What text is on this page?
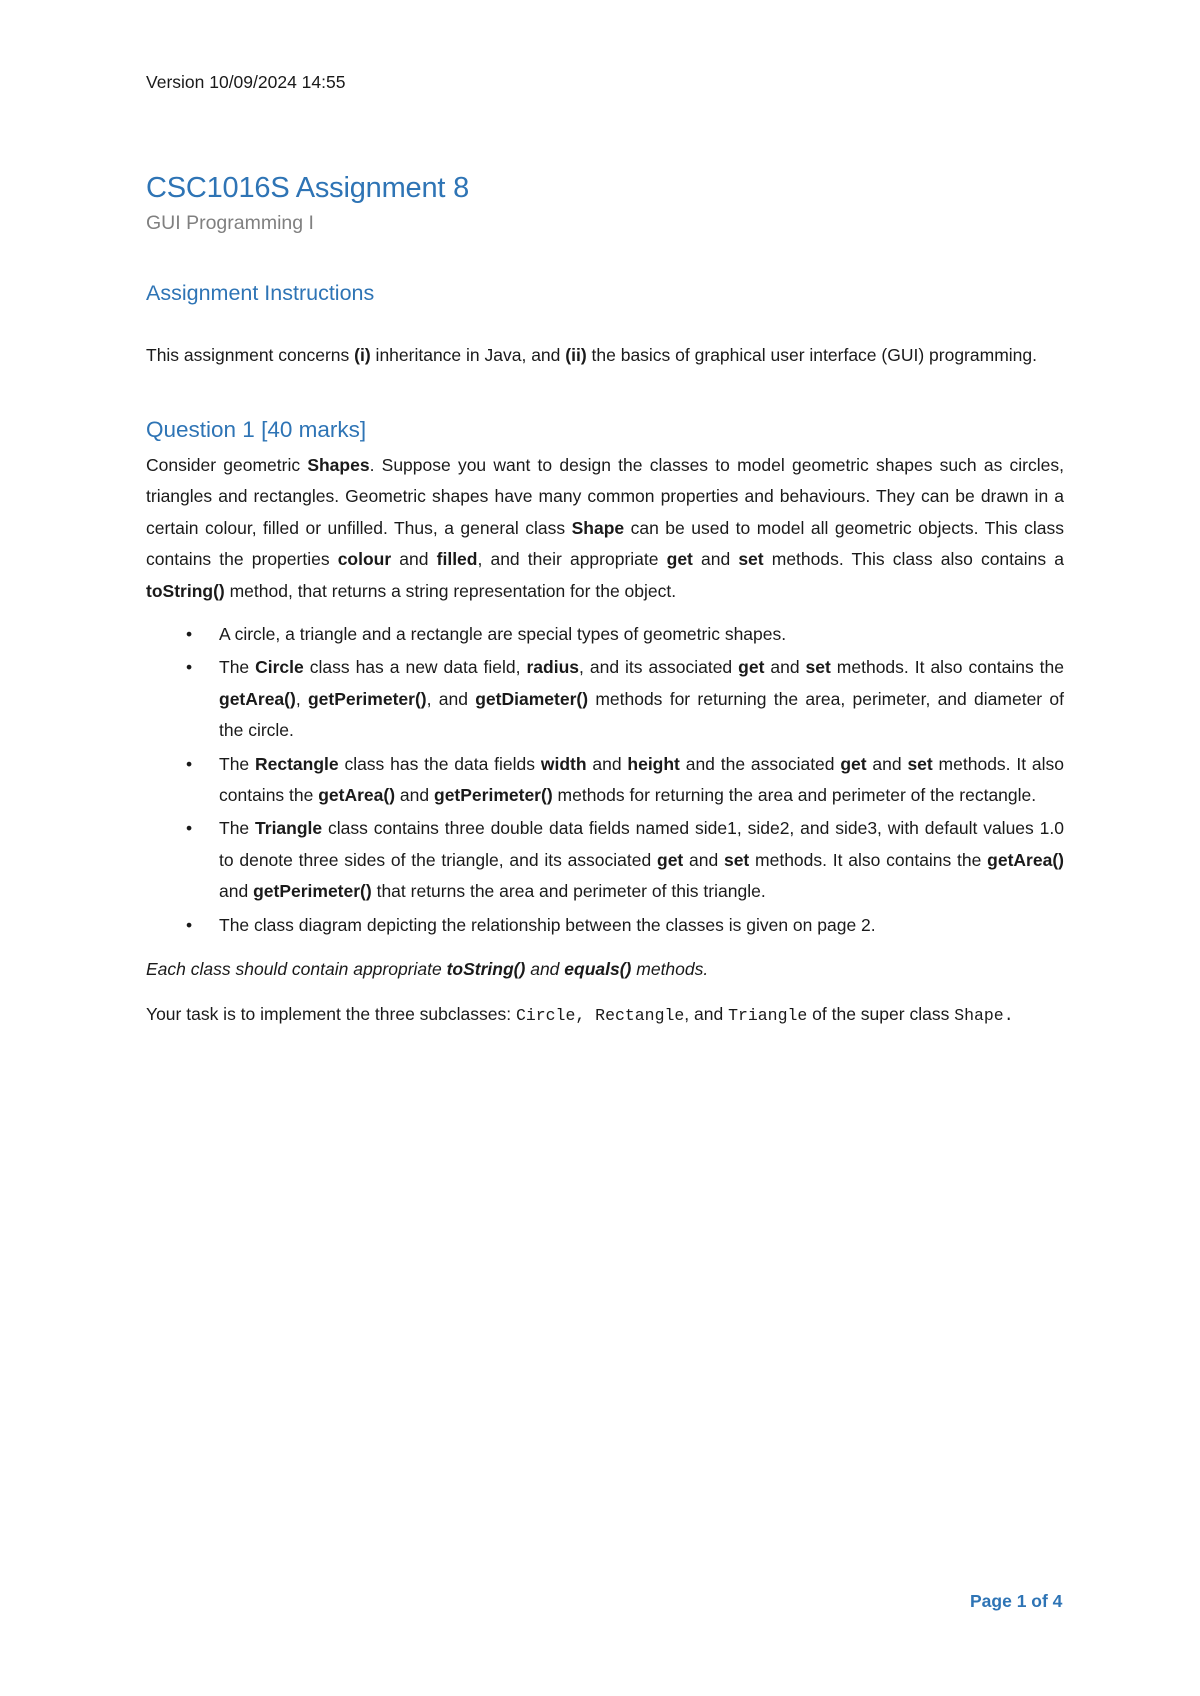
Version 10/09/2024 14:55
CSC1016S Assignment 8
GUI Programming I
Assignment Instructions

This assignment concerns (i) inheritance in Java, and (ii) the basics of graphical user interface (GUI) programming.

Question 1 [40 marks]

Consider geometric Shapes. Suppose you want to design the classes to model geometric shapes such as circles, triangles and rectangles. Geometric shapes have many common properties and behaviours. They can be drawn in a certain colour, filled or unfilled. Thus, a general class Shape can be used to model all geometric objects. This class contains the properties colour and filled, and their appropriate get and set methods. This class also contains a toString() method, that returns a string representation for the object.

• A circle, a triangle and a rectangle are special types of geometric shapes.
• The Circle class has a new data field, radius, and its associated get and set methods. It also contains the getArea(), getPerimeter(), and getDiameter() methods for returning the area, perimeter, and diameter of the circle.
• The Rectangle class has the data fields width and height and the associated get and set methods. It also contains the getArea() and getPerimeter() methods for returning the area and perimeter of the rectangle.
• The Triangle class contains three double data fields named side1, side2, and side3, with default values 1.0 to denote three sides of the triangle, and its associated get and set methods. It also contains the getArea() and getPerimeter() that returns the area and perimeter of this triangle.
• The class diagram depicting the relationship between the classes is given on page 2.

Each class should contain appropriate toString() and equals() methods.

Your task is to implement the three subclasses: Circle, Rectangle, and Triangle of the super class Shape.

Page 1 of 4
